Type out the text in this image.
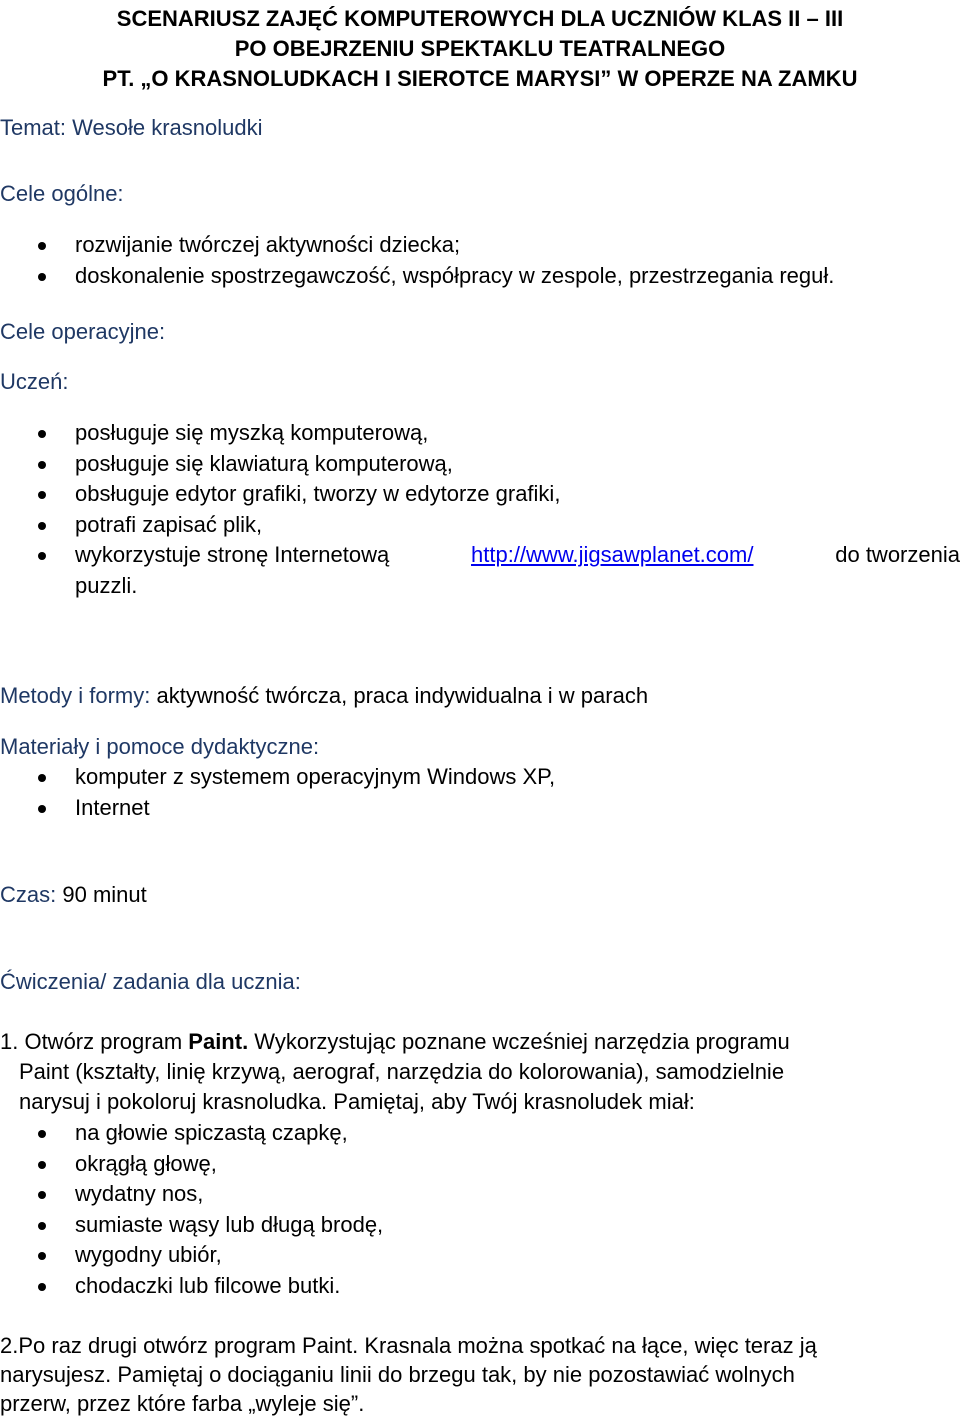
SCENARIUSZ ZAJĘĆ KOMPUTEROWYCH DLA UCZNIÓW KLAS II – III
PO OBEJRZENIU SPEKTAKLU TEATRALNEGO
PT. „O KRASNOLUDKACH I SIEROTCE MARYSI” W OPERZE NA ZAMKU

Temat: Wesołe krasnoludki

Cele ogólne:

rozwijanie twórczej aktywności dziecka;
doskonalenie spostrzegawczość, współpracy w zespole, przestrzegania reguł.

Cele operacyjne:

Uczeń:

posługuje się myszką komputerową,
posługuje się klawiaturą komputerową,
obsługuje edytor grafiki, tworzy w edytorze grafiki,
potrafi zapisać plik,
wykorzystuje stronę Internetową	http://www.jigsawplanet.com/	do tworzenia
puzzli.

Metody i formy: aktywność twórcza, praca indywidualna i w parach

Materiały i pomoce dydaktyczne:

komputer z systemem operacyjnym Windows XP,
Internet

Czas: 90 minut

Ćwiczenia/ zadania dla ucznia:

1. Otwórz program Paint. Wykorzystując poznane wcześniej narzędzia programu

Paint (kształty, linię krzywą, aerograf, narzędzia do kolorowania), samodzielnie

narysuj i pokoloruj krasnoludka. Pamiętaj, aby Twój krasnoludek miał:

na głowie spiczastą czapkę,
okrągłą głowę,
wydatny nos,
sumiaste wąsy lub długą brodę,
wygodny ubiór,
chodaczki lub filcowe butki.

2.Po raz drugi otwórz program Paint. Krasnala można spotkać na łące, więc teraz ją

narysujesz. Pamiętaj o dociąganiu linii do brzegu tak, by nie pozostawiać wolnych

przerw, przez które farba „wyleje się”.
